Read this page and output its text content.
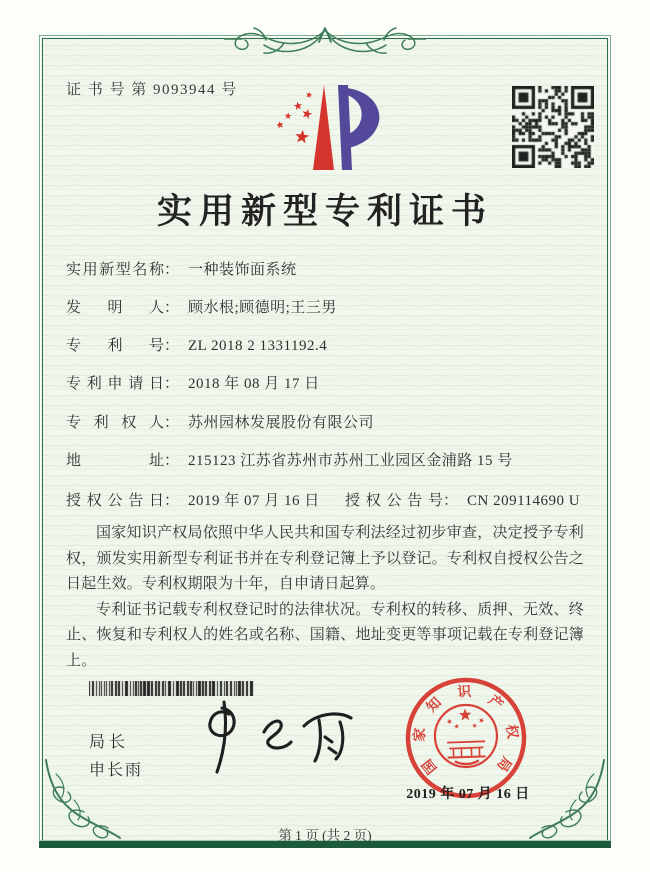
证 书 号 第 9093944 号
实用新型专利证书
实用新型名称： 一种装饰面系统
发明人： 顾水根;顾德明;王三男
专利号： ZL 2018 2 1331192.4
专利申请日： 2018 年 08 月 17 日
专利权人： 苏州园林发展股份有限公司
地址： 215123 江苏省苏州市苏州工业园区金浦路 15 号
授权公告日： 2019 年 07 月 16 日 授权公告号： CN 209114690 U

国家知识产权局依照中华人民共和国专利法经过初步审查，决定授予专利权，颁发实用新型专利证书并在专利登记簿上予以登记。专利权自授权公告之日起生效。专利权期限为十年，自申请日起算。

专利证书记载专利权登记时的法律状况。专利权的转移、质押、无效、终止、恢复和专利权人的姓名或名称、国籍、地址变更等事项记载在专利登记簿上。

局长
申长雨	国
家
知
识
产
权
局
2019 年 07 月 16 日
第 1 页 (共 2 页)
